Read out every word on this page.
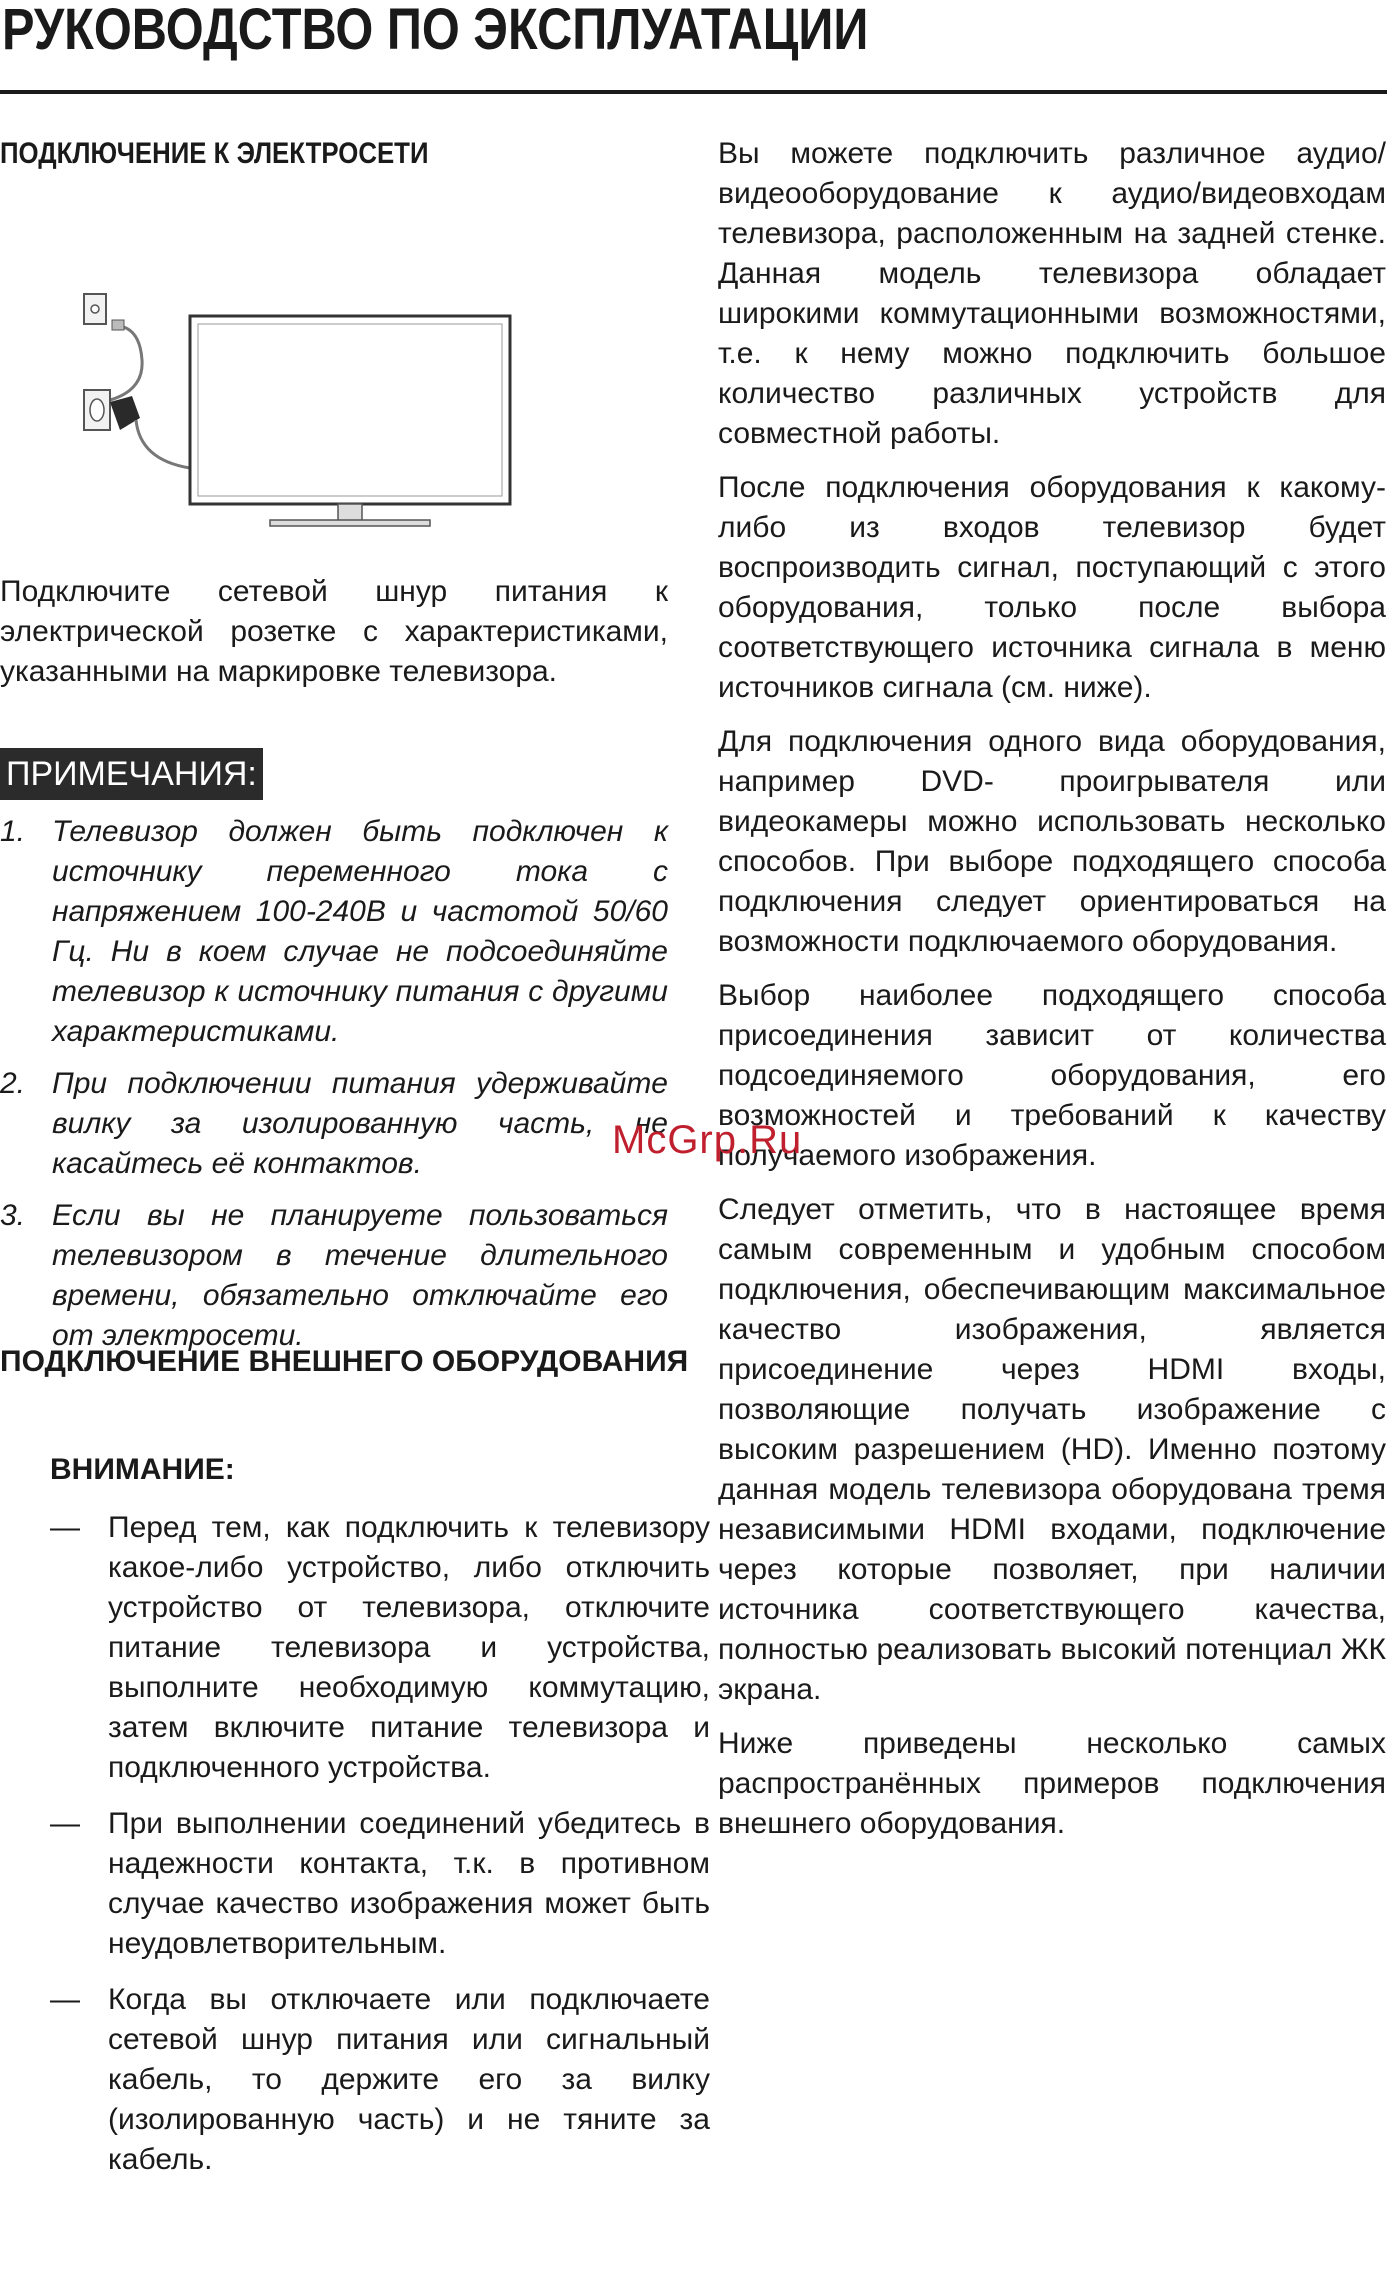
РУКОВОДСТВО ПО ЭКСПЛУАТАЦИИ

ПОДКЛЮЧЕНИЕ К ЭЛЕКТРОСЕТИ

Подключите сетевой шнур питания к электрической розетке с характеристиками, указанными на маркировке телевизора.

ПРИМЕЧАНИЯ:
1. Телевизор должен быть подключен к источнику переменного тока с напряжением 100-240В и частотой 50/60 Гц. Ни в коем случае не подсоединяйте телевизор к источнику питания с другими характеристиками.
2. При подключении питания удерживайте вилку за изолированную часть, не касайтесь её контактов.
3. Если вы не планируете пользоваться телевизором в течение длительного времени, обязательно отключайте его от электросети.

ПОДКЛЮЧЕНИЕ ВНЕШНЕГО ОБОРУДОВАНИЯ

ВНИМАНИЕ:
— Перед тем, как подключить к телевизору какое-либо устройство, либо отключить устройство от телевизора, отключите питание телевизора и устройства, выполните необходимую коммутацию, затем включите питание телевизора и подключенного устройства.
— При выполнении соединений убедитесь в надежности контакта, т.к. в противном случае качество изображения может быть неудовлетворительным.
— Когда вы отключаете или подключаете сетевой шнур питания или сигнальный кабель, то держите его за вилку (изолированную часть) и не тяните за кабель.

Вы можете подключить различное аудио/видеооборудование к аудио/видеовходам телевизора, расположенным на задней стенке. Данная модель телевизора обладает широкими коммутационными возможностями, т.е. к нему можно подключить большое количество различных устройств для совместной работы.

После подключения оборудования к какому-либо из входов телевизор будет воспроизводить сигнал, поступающий с этого оборудования, только после выбора соответствующего источника сигнала в меню источников сигнала (см. ниже).

Для подключения одного вида оборудования, например DVD- проигрывателя или видеокамеры можно использовать несколько способов. При выборе подходящего способа подключения следует ориентироваться на возможности подключаемого оборудования.

Выбор наиболее подходящего способа присоединения зависит от количества подсоединяемого оборудования, его возможностей и требований к качеству получаемого изображения.

Следует отметить, что в настоящее время самым современным и удобным способом подключения, обеспечивающим максимальное качество изображения, является присоединение через HDMI входы, позволяющие получать изображение с высоким разрешением (HD). Именно поэтому данная модель телевизора оборудована тремя независимыми HDMI входами, подключение через которые позволяет, при наличии источника соответствующего качества, полностью реализовать высокий потенциал ЖК экрана.

Ниже приведены несколько самых распространённых примеров подключения внешнего оборудования.

McGrp.Ru
